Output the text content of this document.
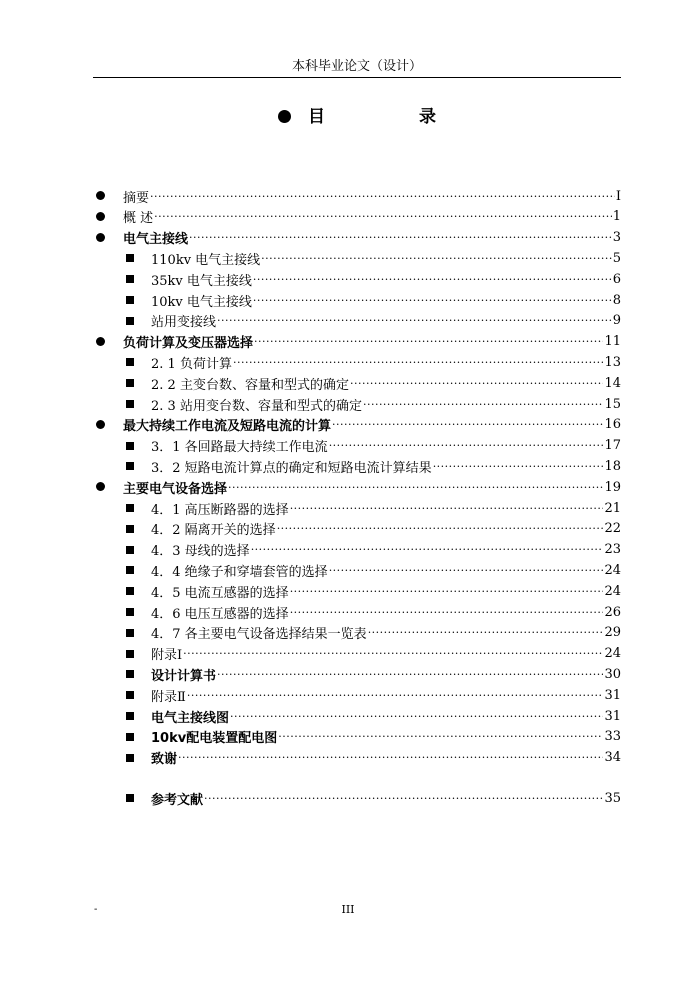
本科毕业论文（设计）
目	录
摘要 ·····	Ⅰ
概 述 ·····	1
电气主接线 ·····	3
110kv 电气主接线 ·····	5
35kv 电气主接线 ·····	6
10kv 电气主接线 ·····	8
站用变接线 ·····	9
负荷计算及变压器选择 ·····	11
2. 1 负荷计算 ·····	13
2. 2 主变台数、容量和型式的确定 ·····	14
2. 3 站用变台数、容量和型式的确定 ·····	15
最大持续工作电流及短路电流的计算 ·····	16
3．1 各回路最大持续工作电流 ·····	17
3．2 短路电流计算点的确定和短路电流计算结果 ·····	18
主要电气设备选择 ·····	19
4．1 高压断路器的选择 ·····	21
4．2 隔离开关的选择 ·····	22
4．3 母线的选择 ·····	23
4．4 绝缘子和穿墙套管的选择 ·····	24
4．5 电流互感器的选择 ·····	24
4．6 电压互感器的选择 ·····	26
4．7 各主要电气设备选择结果一览表 ·····	29
附录Ⅰ ·····	24
设计计算书 ·····	30
附录Ⅱ ·····	31
电气主接线图 ·····	31
10kv配电装置配电图 ·····	33
致谢 ·····	34
参考文献 ·····	35
-	III
